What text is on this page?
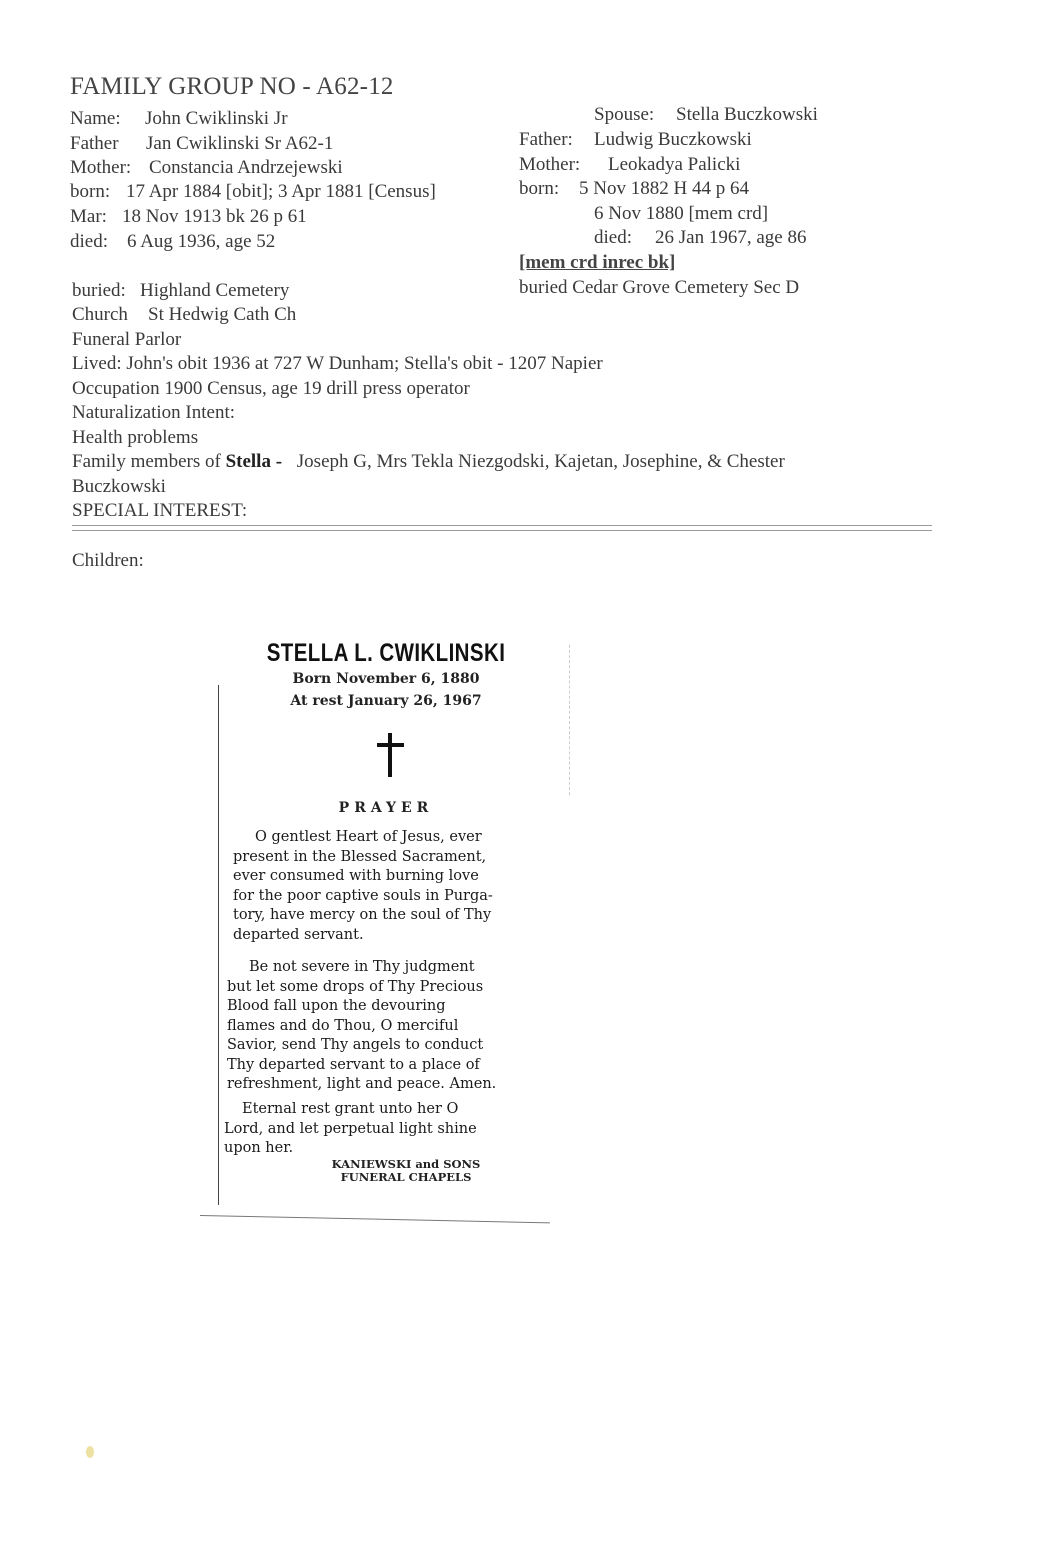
FAMILY GROUP NO - A62-12
Name: John Cwiklinski Jr
Father Jan Cwiklinski Sr A62-1
Mother: Constancia Andrzejewski
born: 17 Apr 1884 [obit]; 3 Apr 1881 [Census]
Mar: 18 Nov 1913 bk 26 p 61
died: 6 Aug 1936, age 52
Spouse: Stella Buczkowski
Father: Ludwig Buczkowski
Mother: Leokadya Palicki
born: 5 Nov 1882 H 44 p 64
6 Nov 1880 [mem crd]
died: 26 Jan 1967, age 86
[mem crd inrec bk]
buried Cedar Grove Cemetery Sec D
buried: Highland Cemetery
Church St Hedwig Cath Ch
Funeral Parlor
Lived: John's obit 1936 at 727 W Dunham; Stella's obit - 1207 Napier
Occupation 1900 Census, age 19 drill press operator
Naturalization Intent:
Health problems
Family members of Stella - Joseph G, Mrs Tekla Niezgodski, Kajetan, Josephine, & Chester
Buczkowski
SPECIAL INTEREST:
Children:
STELLA L. CWIKLINSKI
Born November 6, 1880
At rest January 26, 1967
PRAYER
O gentlest Heart of Jesus, ever
present in the Blessed Sacrament,
ever consumed with burning love
for the poor captive souls in Purga-
tory, have mercy on the soul of Thy
departed servant.
Be not severe in Thy judgment
but let some drops of Thy Precious
Blood fall upon the devouring
flames and do Thou, O merciful
Savior, send Thy angels to conduct
Thy departed servant to a place of
refreshment, light and peace. Amen.
Eternal rest grant unto her O
Lord, and let perpetual light shine
upon her.
KANIEWSKI and SONS
FUNERAL CHAPELS
